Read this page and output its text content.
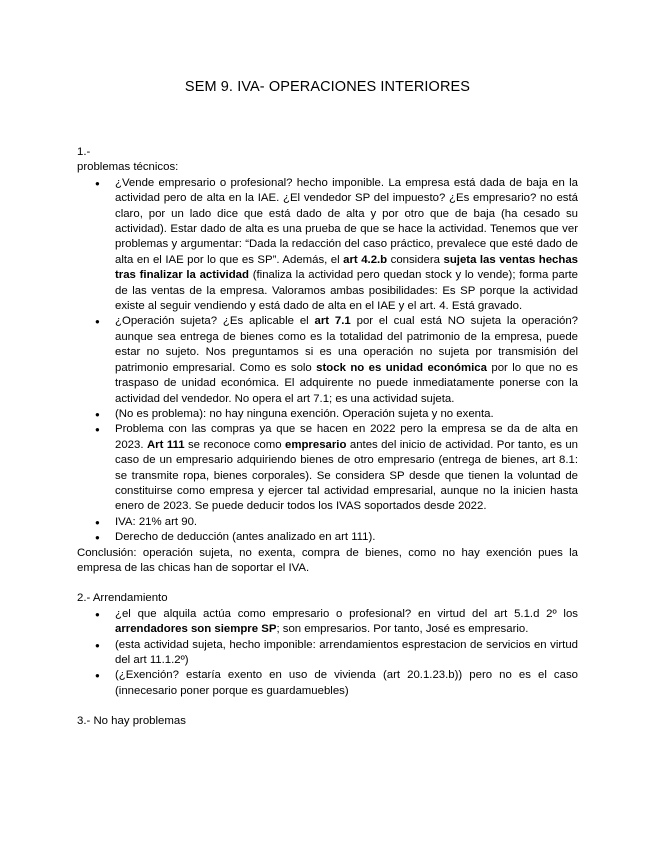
SEM 9. IVA- OPERACIONES INTERIORES

1.-

problemas técnicos:

● ¿Vende empresario o profesional? hecho imponible. La empresa está dada de baja en la actividad pero de alta en la IAE. ¿El vendedor SP del impuesto? ¿Es empresario? no está claro, por un lado dice que está dado de alta y por otro que de baja (ha cesado su actividad). Estar dado de alta es una prueba de que se hace la actividad. Tenemos que ver problemas y argumentar: “Dada la redacción del caso práctico, prevalece que esté dado de alta en el IAE por lo que es SP”. Además, el art 4.2.b considera sujeta las ventas hechas tras finalizar la actividad (finaliza la actividad pero quedan stock y lo vende); forma parte de las ventas de la empresa. Valoramos ambas posibilidades: Es SP porque la actividad existe al seguir vendiendo y está dado de alta en el IAE y el art. 4. Está gravado.
● ¿Operación sujeta? ¿Es aplicable el art 7.1 por el cual está NO sujeta la operación? aunque sea entrega de bienes como es la totalidad del patrimonio de la empresa, puede estar no sujeto. Nos preguntamos si es una operación no sujeta por transmisión del patrimonio empresarial. Como es solo stock no es unidad económica por lo que no es traspaso de unidad económica. El adquirente no puede inmediatamente ponerse con la actividad del vendedor. No opera el art 7.1; es una actividad sujeta.
● (No es problema): no hay ninguna exención. Operación sujeta y no exenta.
● Problema con las compras ya que se hacen en 2022 pero la empresa se da de alta en 2023. Art 111 se reconoce como empresario antes del inicio de actividad. Por tanto, es un caso de un empresario adquiriendo bienes de otro empresario (entrega de bienes, art 8.1: se transmite ropa, bienes corporales). Se considera SP desde que tienen la voluntad de constituirse como empresa y ejercer tal actividad empresarial, aunque no la inicien hasta enero de 2023. Se puede deducir todos los IVAS soportados desde 2022.
● IVA: 21% art 90.
● Derecho de deducción (antes analizado en art 111).

Conclusión: operación sujeta, no exenta, compra de bienes, como no hay exención pues la empresa de las chicas han de soportar el IVA.

2.- Arrendamiento

● ¿el que alquila actúa como empresario o profesional? en virtud del art 5.1.d 2º los arrendadores son siempre SP; son empresarios. Por tanto, José es empresario.
● (esta actividad sujeta, hecho imponible: arrendamientos esprestacion de servicios en virtud del art 11.1.2º)
● (¿Exención? estaría exento en uso de vivienda (art 20.1.23.b)) pero no es el caso (innecesario poner porque es guardamuebles)

3.- No hay problemas
